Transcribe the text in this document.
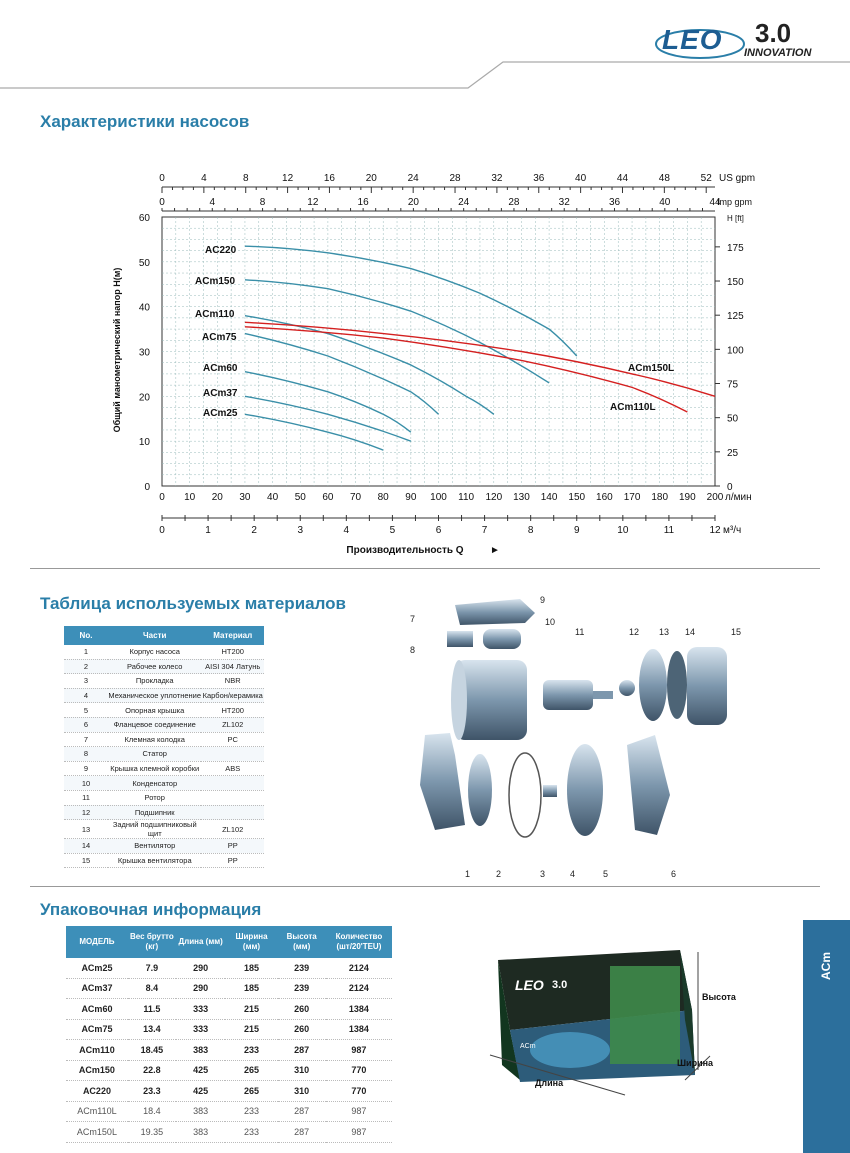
LEO 3.0
INNOVATION
Характеристики насосов
0
10
20
30
40
50
60
0
25
50
75
100
125
150
175
H [ft]
0 10 20 30 40 50 60 70 80 90 100 110 120 130 140 150 160 170 180 190 200 л/мин
0	1	2	3	4	5	6	7	8	9	10	11	12 м³/ч
0	4	8	12	16	20	24	28	32	36	40	44	48	52 US gpm
0	4	8	12	16	20	24	28	32	36	40	44
Imp gpm
AC220
ACm150
ACm110
ACm75
ACm60
ACm37
ACm25
ACm150L
ACm110L
Общий манометрический напор H(м)
Производительность Q	►
Таблица используемых материалов
No.	Части	Материал
1	Корпус насоса	HT200
2	Рабочее колесо	AISI 304 Латунь
3	Прокладка	NBR
4	Механическое уплотнение	Карбон/керамика
5	Опорная крышка	HT200
6	Фланцевое соединение	ZL102
7	Клемная колодка	PC
8	Статор	
9	Крышка клемной коробки	ABS
10	Конденсатор	
11	Ротор	
12	Подшипник	
13	Задний подшипниковый щит	ZL102
14	Вентилятор	PP
15	Крышка вентилятора	PP
9
7	10
8
11	12 13 14	15
1	2	3	4	5	6
Упаковочная информация
МОДЕЛЬ	Вес брутто (кг)	Длина (мм)	Ширина (мм)	Высота (мм)	Количество (шт/20'TEU)
ACm25	7.9	290	185	239	2124
ACm37	8.4	290	185	239	2124
ACm60	11.5	333	215	260	1384
ACm75	13.4	333	215	260	1384
ACm110	18.45	383	233	287	987
ACm150	22.8	425	265	310	770
AC220	23.3	425	265	310	770
ACm110L	18.4	383	233	287	987
ACm150L	19.35	383	233	287	987
LEO 3.0
ACm
Высота
Ширина
Длина
ACm
